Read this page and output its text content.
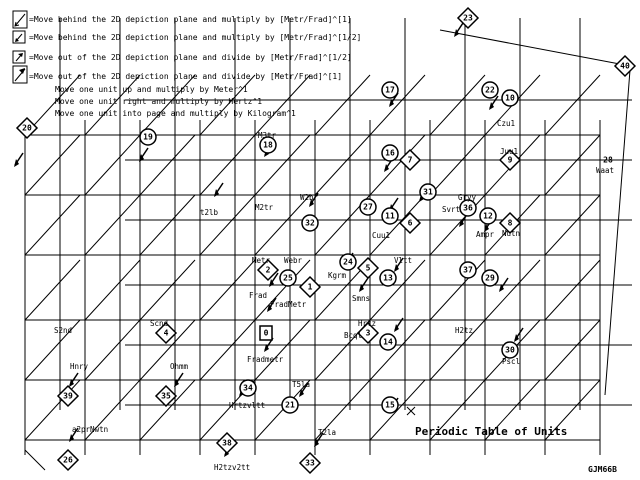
=Move behind the 2D depiction plane and multiply by [Metr/Frad]^[1]
=Move behind the 2D depiction plane and multiply by [Metr/Frad]^[1/2]
=Move out of the 2D depiction plane and divide by [Metr/Frad]^[1/2]
=Move out of the 2D depiction plane and divide by [Metr/Frad]^[1]
Move one unit up and multiply by Meter^1
Move one unit right and multiply by Hertz^1
Move one unit into page and multiply by Kilogram^1
23
40
20
17	22
10
19
18
16
7	9	28
31
27
11
6
36
12
8
32
2
25
1
24
5
13
37
29
0
4	3
14
30
39	35
34
21	15
38
26	33
Czu1
M3tr
t2lb
Juu1
Waat
W2br
M2tr
Cuu1
Gryy
Svrt
Ampr Nutn
Metr Webr
Kgrm
Frad
Vltt
Smns
FradMetr
Fradmetr
S2nd
Scnd	Hrtz
Bcql
H2tz
Pscl
Hnry	Ohmm
Hrtzvltt
T5la
a2prNwtn
H2tzv2tt
T2la	Periodic Table of Units
GJM66B
